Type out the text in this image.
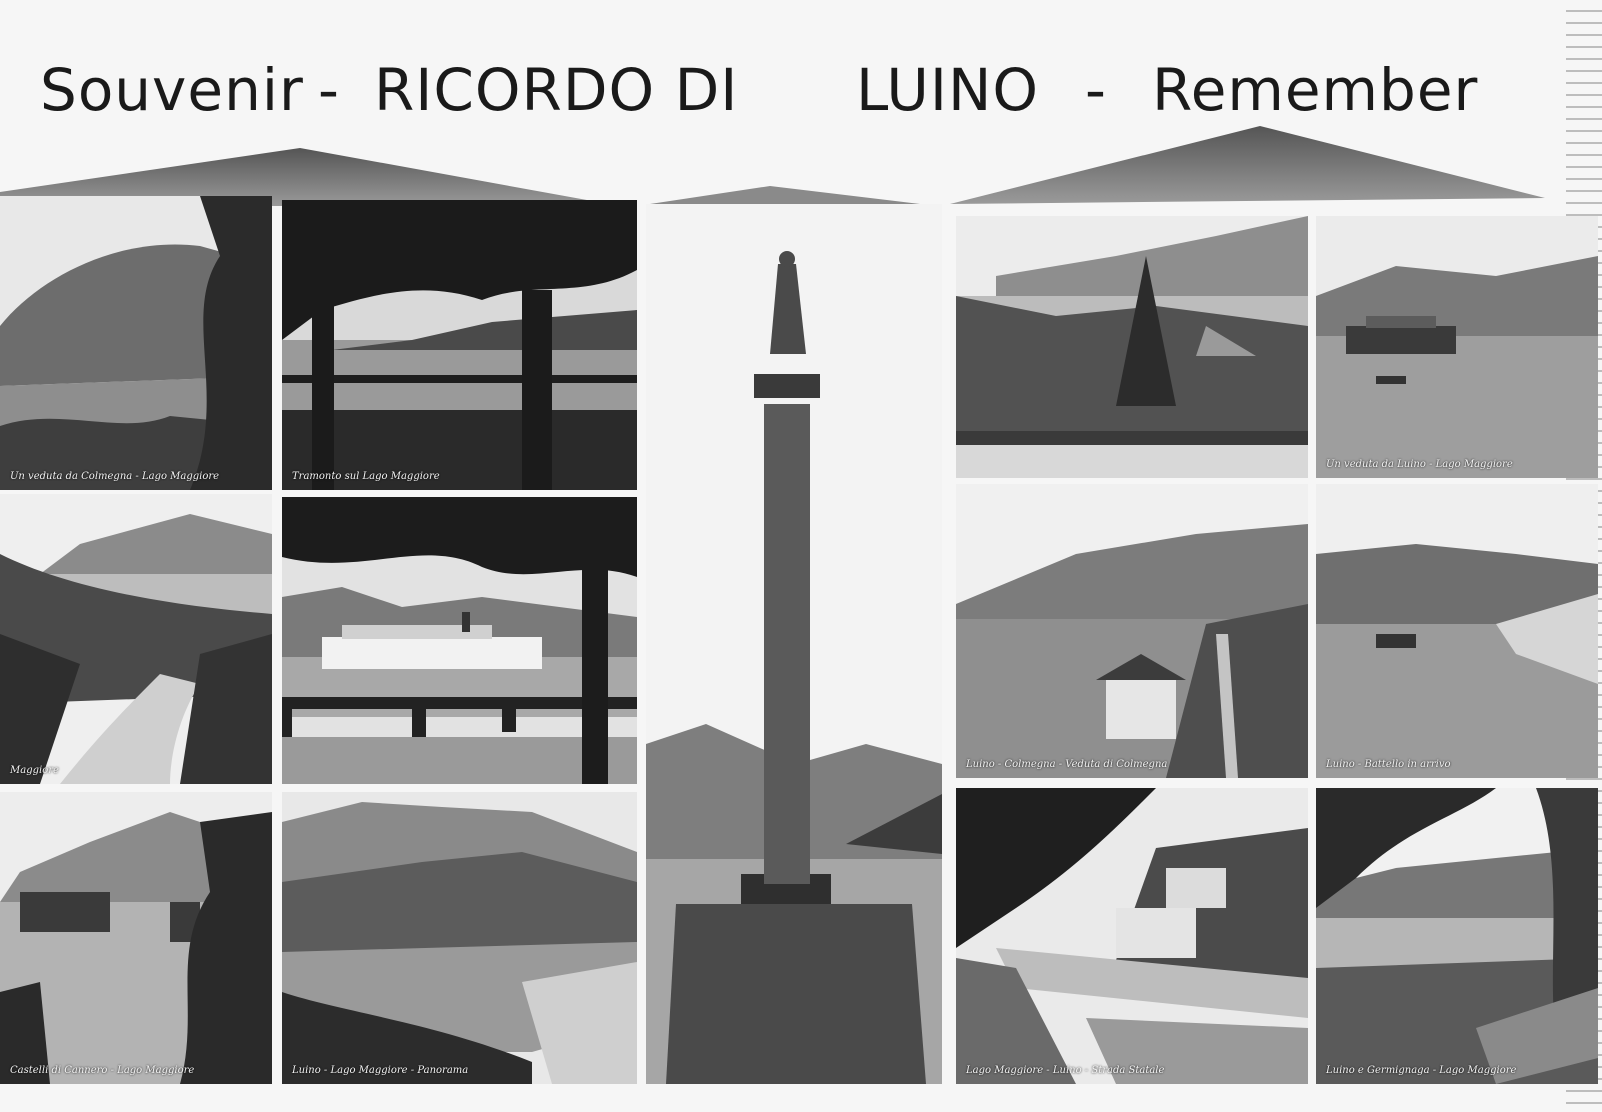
Souvenir - RICORDO DI LUINO - Remember
Un veduta da Colmegna - Lago Maggiore	Tramonto sul Lago Maggiore
Maggiore
Castelli di Cannero - Lago Maggiore	Luino - Lago Maggiore - Panorama
Un veduta da Luino - Lago Maggiore
Luino - Colmegna - Veduta di Colmegna	Luino - Battello in arrivo
Lago Maggiore - Luino - Strada Statale	Luino e Germignaga - Lago Maggiore
